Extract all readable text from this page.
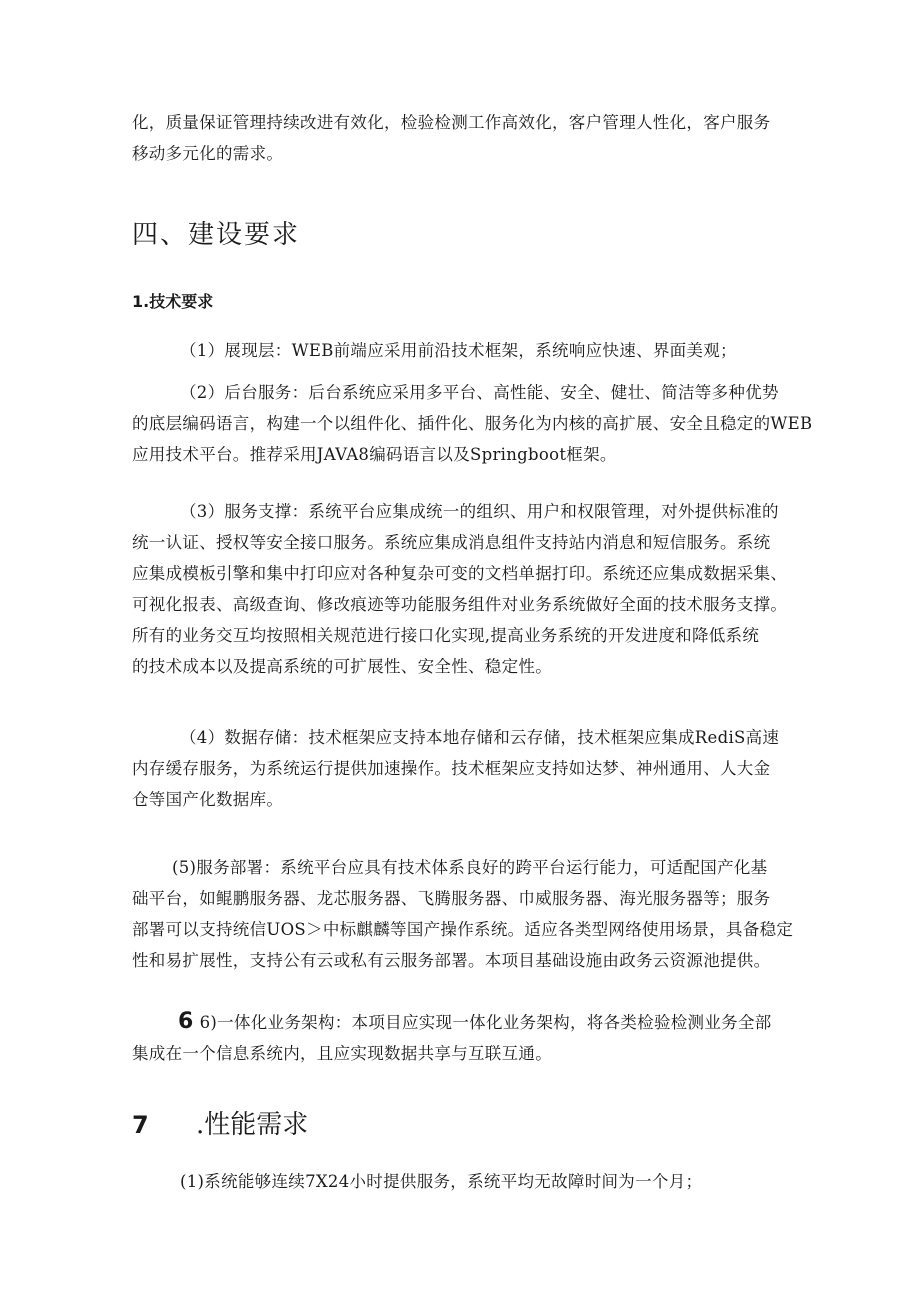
化，质量保证管理持续改进有效化，检验检测工作高效化，客户管理人性化，客户服务
移动多元化的需求。
四、建设要求
1.技术要求
（1）展现层：WEB前端应采用前沿技术框架，系统响应快速、界面美观；
（2）后台服务：后台系统应采用多平台、高性能、安全、健壮、简洁等多种优势
的底层编码语言，构建一个以组件化、插件化、服务化为内核的高扩展、安全且稳定的WEB
应用技术平台。推荐采用JAVA8编码语言以及Springboot框架。
（3）服务支撑：系统平台应集成统一的组织、用户和权限管理，对外提供标准的
统一认证、授权等安全接口服务。系统应集成消息组件支持站内消息和短信服务。系统
应集成模板引擎和集中打印应对各种复杂可变的文档单据打印。系统还应集成数据采集、
可视化报表、高级查询、修改痕迹等功能服务组件对业务系统做好全面的技术服务支撑。
所有的业务交互均按照相关规范进行接口化实现,提高业务系统的开发进度和降低系统
的技术成本以及提高系统的可扩展性、安全性、稳定性。
（4）数据存储：技术框架应支持本地存储和云存储，技术框架应集成RediS高速
内存缓存服务，为系统运行提供加速操作。技术框架应支持如达梦、神州通用、人大金
仓等国产化数据库。
(5)服务部署：系统平台应具有技术体系良好的跨平台运行能力，可适配国产化基
础平台，如鲲鹏服务器、龙芯服务器、飞腾服务器、巾威服务器、海光服务器等；服务
部署可以支持统信UOS＞中标麒麟等国产操作系统。适应各类型网络使用场景，具备稳定
性和易扩展性，支持公有云或私有云服务部署。本项目基础设施由政务云资源池提供。
6 6)一体化业务架构：本项目应实现一体化业务架构，将各类检验检测业务全部
集成在一个信息系统内，且应实现数据共享与互联互通。
7 .性能需求
(1)系统能够连续7X24小时提供服务，系统平均无故障时间为一个月；
